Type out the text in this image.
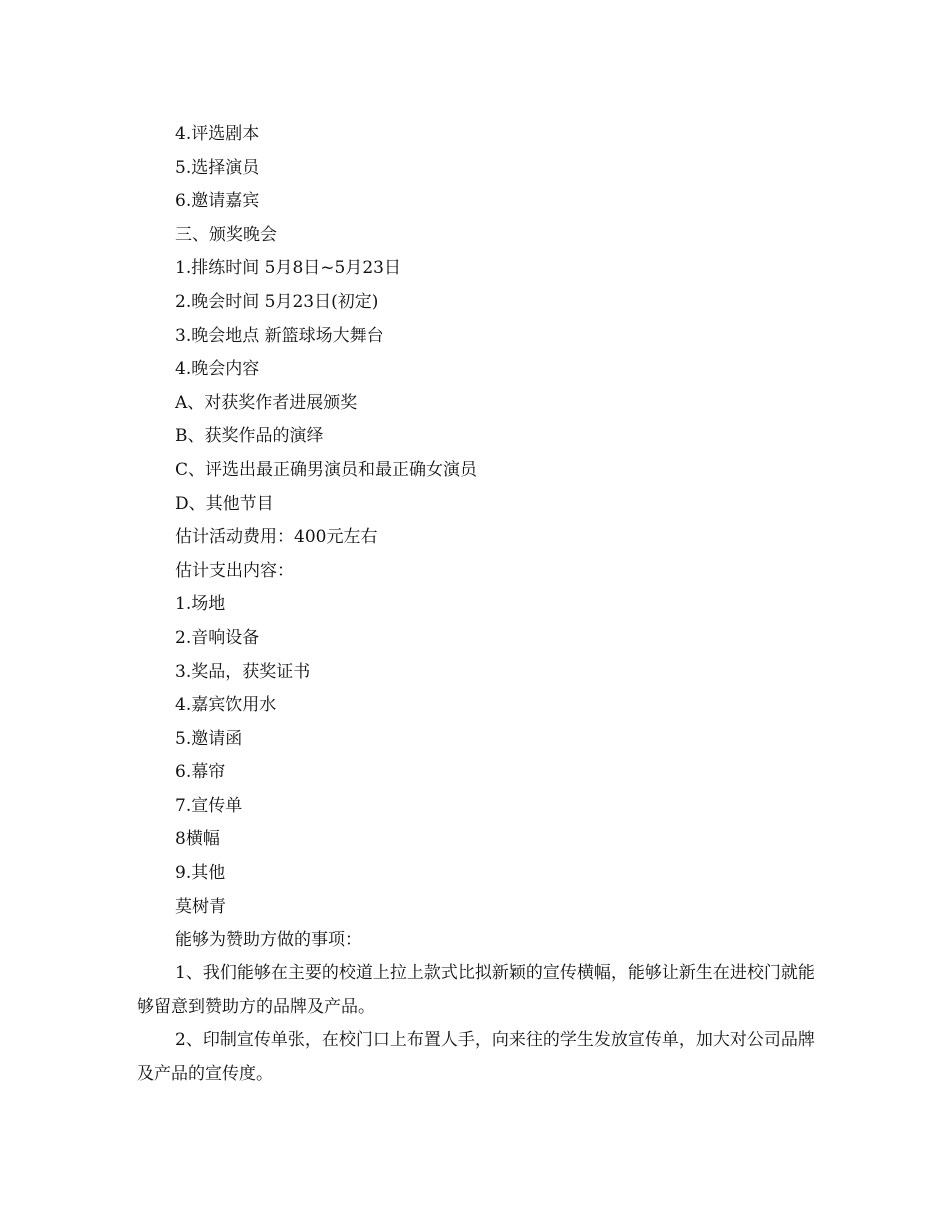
4.评选剧本
5.选择演员
6.邀请嘉宾
三、颁奖晚会
1.排练时间 5月8日~5月23日
2.晚会时间 5月23日(初定)
3.晚会地点 新篮球场大舞台
4.晚会内容
A、对获奖作者进展颁奖
B、获奖作品的演绎
C、评选出最正确男演员和最正确女演员
D、其他节目
估计活动费用：400元左右
估计支出内容：
1.场地
2.音响设备
3.奖品，获奖证书
4.嘉宾饮用水
5.邀请函
6.幕帘
7.宣传单
8横幅
9.其他
莫树青
能够为赞助方做的事项：

1、我们能够在主要的校道上拉上款式比拟新颖的宣传横幅，能够让新生在进校门就能够留意到赞助方的品牌及产品。

2、印制宣传单张，在校门口上布置人手，向来往的学生发放宣传单，加大对公司品牌及产品的宣传度。
